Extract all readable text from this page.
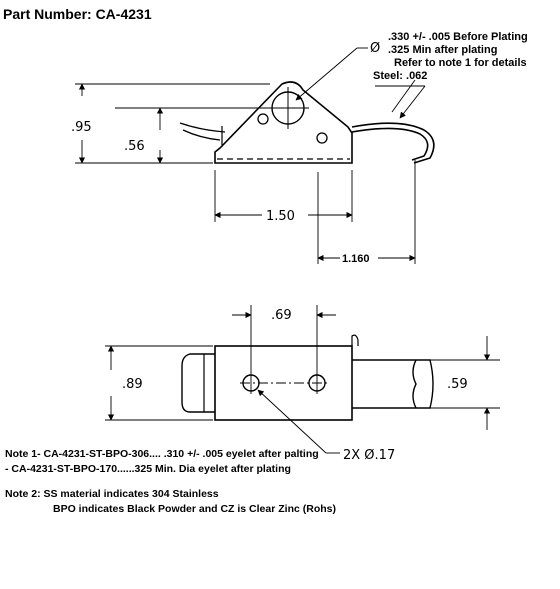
Part Number: CA-4231
.95
.56
1.50
1.160
Ø
.330 +/- .005 Before Plating
.325 Min after plating
Refer to note 1 for details
Steel: .062
.69
.89	.59
2X Ø.17
Note 1- CA-4231-ST-BPO-306.... .310 +/- .005 eyelet after palting
- CA-4231-ST-BPO-170......325 Min. Dia eyelet after plating
Note 2: SS material indicates 304 Stainless
BPO indicates Black Powder and CZ is Clear Zinc (Rohs)
